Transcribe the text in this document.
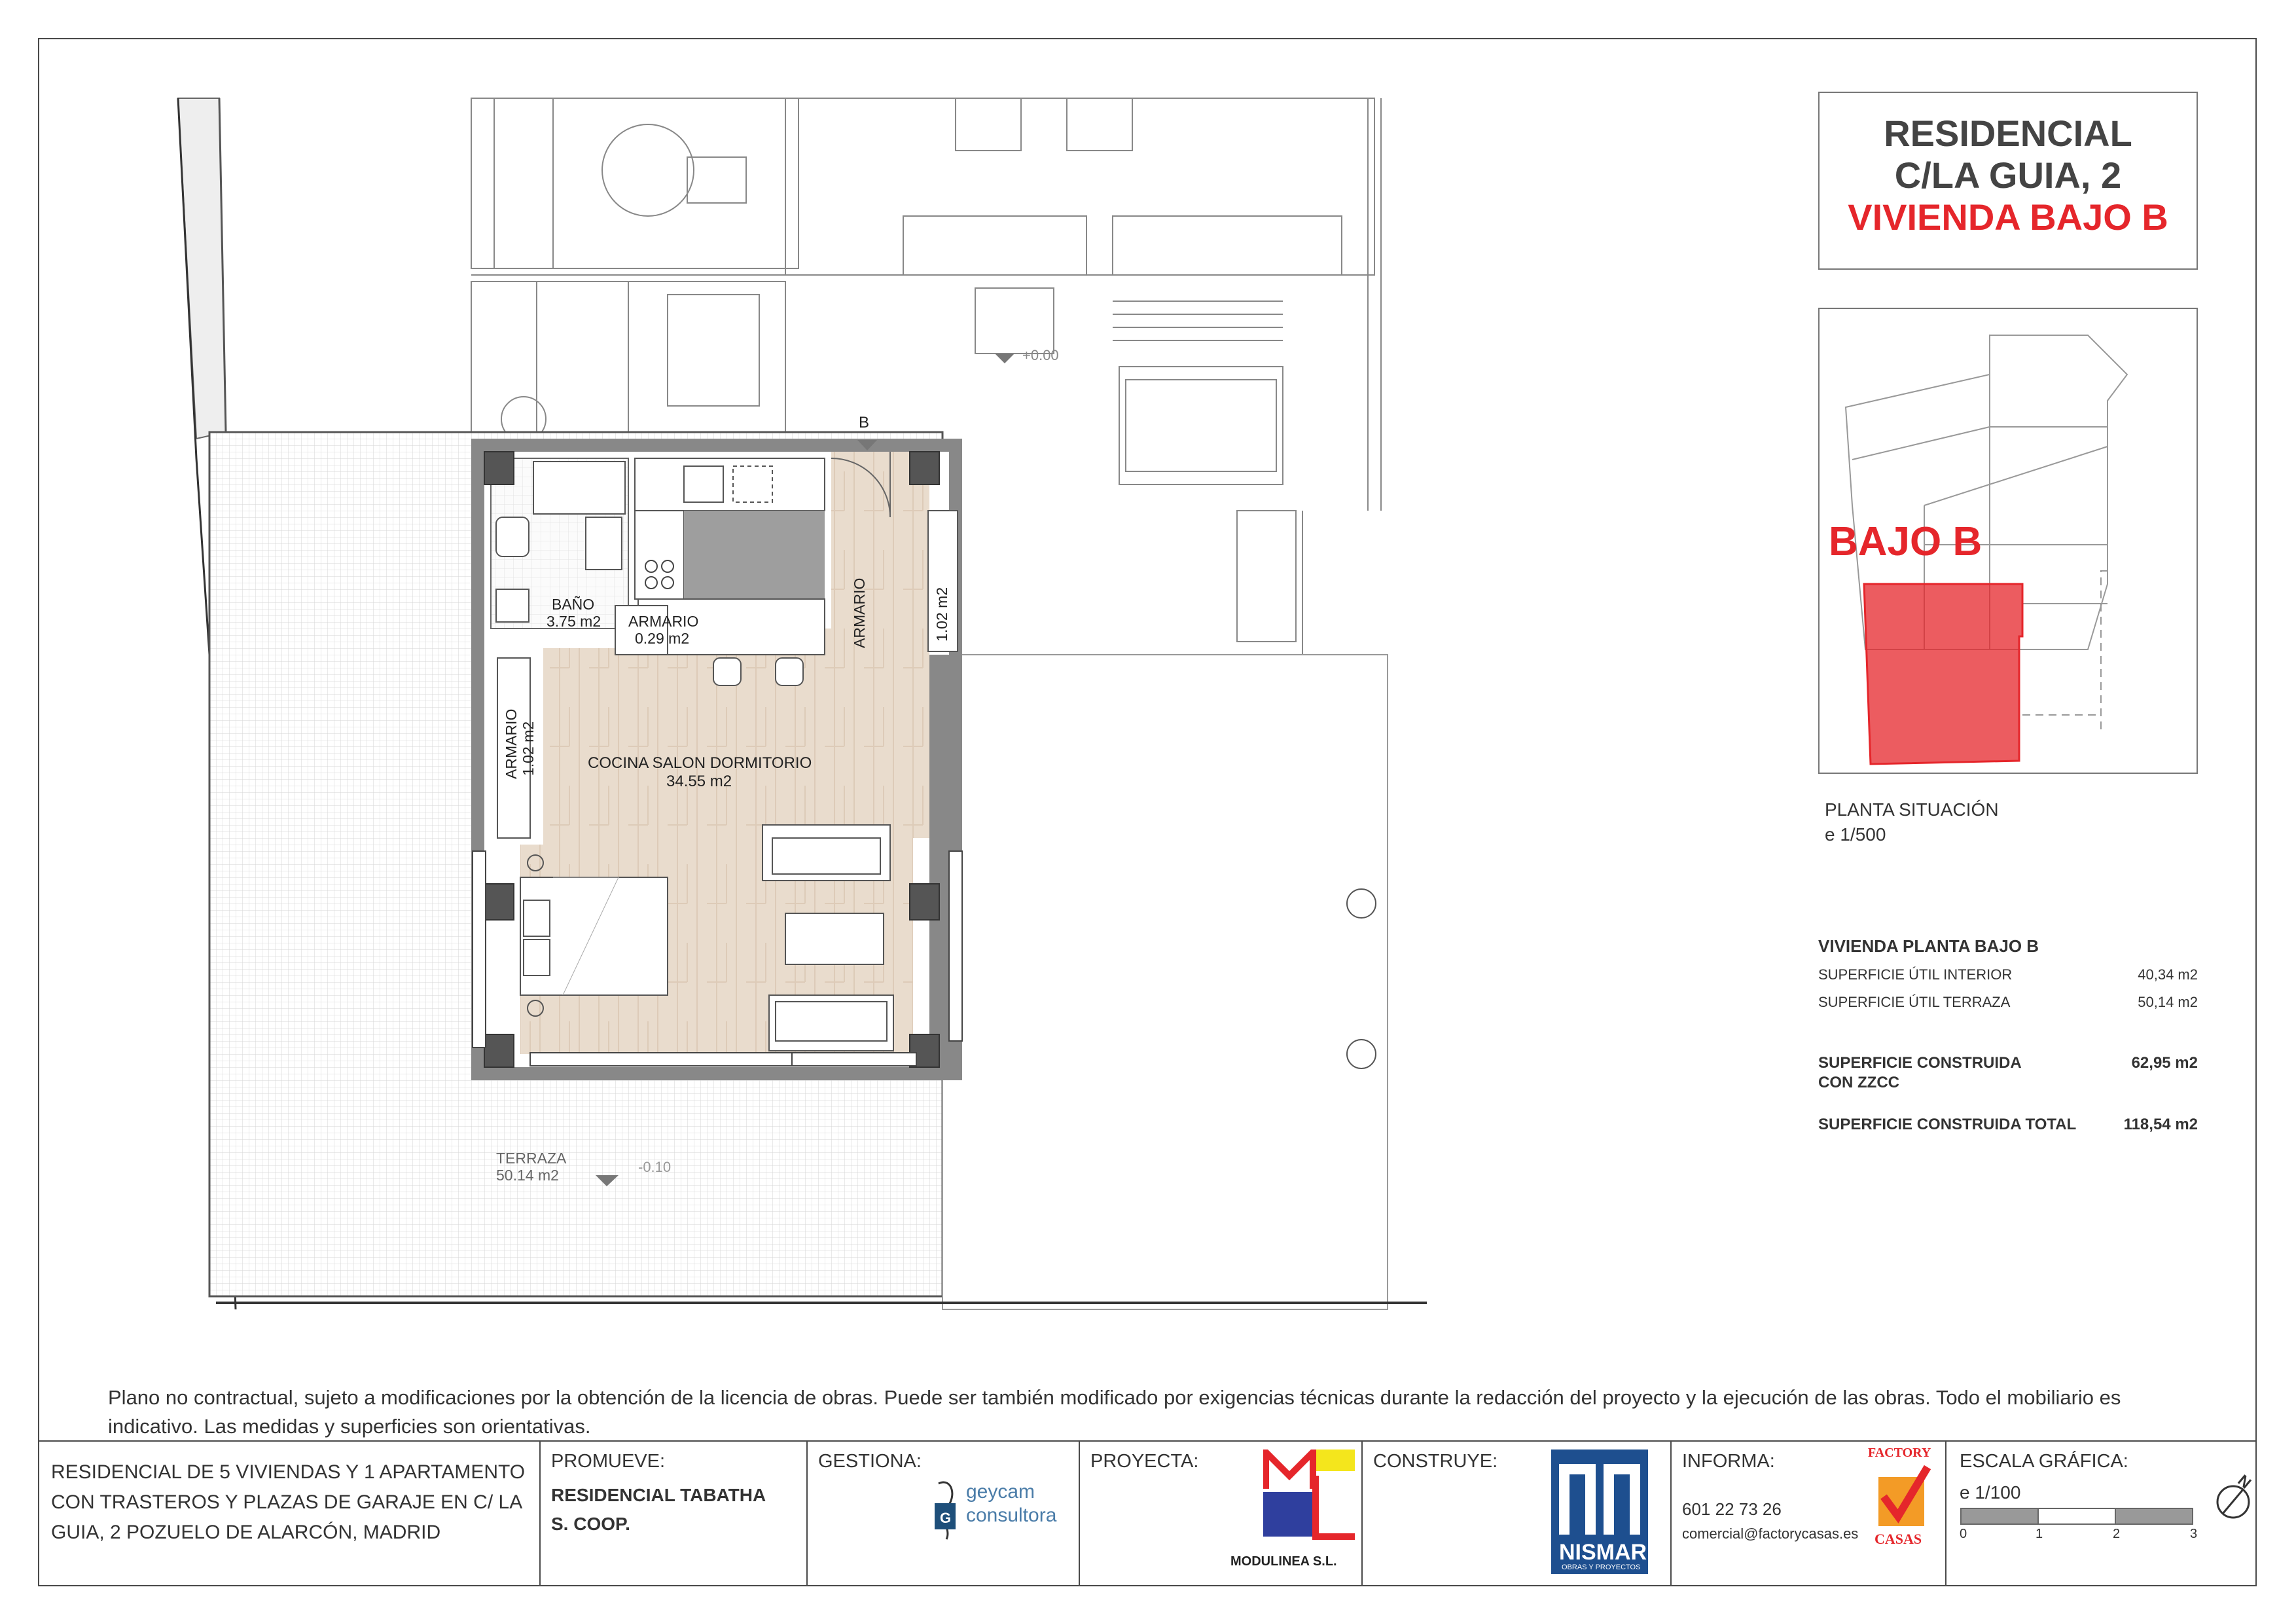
B
+0.00
BAÑO
3.75 m2 ARMARIO
0.29 m2	ARMARIO	1.02 m2
ARMARIO 1.02 m2	COCINA SALON DORMITORIO
34.55 m2
TERRAZA
50.14 m2	-0.10
RESIDENCIAL
C/LA GUIA, 2
VIVIENDA BAJO B
BAJO B
PLANTA SITUACIÓN
e 1/500
VIVIENDA PLANTA BAJO B
SUPERFICIE ÚTIL INTERIOR	40,34 m2
SUPERFICIE ÚTIL TERRAZA	50,14 m2
SUPERFICIE CONSTRUIDA	62,95 m2
CON ZZCC
SUPERFICIE CONSTRUIDA TOTAL	118,54 m2
Plano no contractual, sujeto a modificaciones por la obtención de la licencia de obras. Puede ser también modificado por exigencias técnicas durante la redacción del proyecto y la ejecución de las obras. Todo el mobiliario es indicativo. Las medidas y superficies son orientativas.
RESIDENCIAL DE 5 VIVIENDAS Y 1 APARTAMENTO
CON TRASTEROS Y PLAZAS DE GARAJE EN C/ LA
GUIA, 2 POZUELO DE ALARCÓN, MADRID
PROMUEVE:
RESIDENCIAL TABATHA
S. COOP.
GESTIONA:
G
geycam
consultora
PROYECTA:
MODULINEA S.L.
CONSTRUYE:
NISMAR
OBRAS Y PROYECTOS
INFORMA:
601 22 73 26
comercial@factorycasas.es
FACTORY
CASAS
ESCALA GRÁFICA:
e 1/100
0	1	2	3
N
